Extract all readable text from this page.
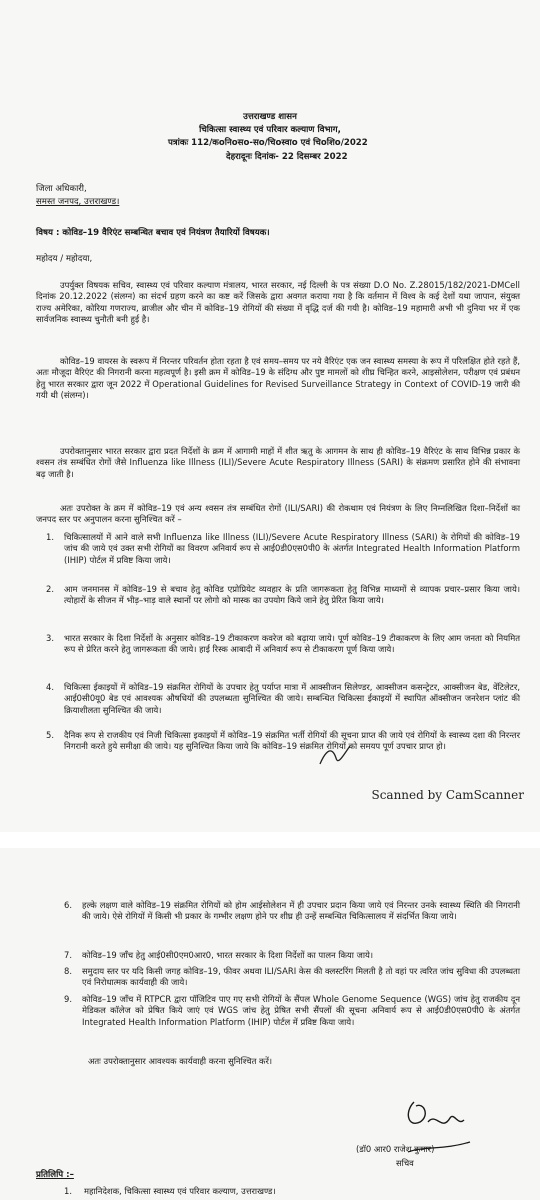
उत्तराखण्ड शासन
चिकित्सा स्वास्थ्य एवं परिवार कल्याण विभाग,
पत्रांकः 112/कoनिoसo-सo/चिoस्वाo एवं चिoशिo/2022
देहरादूनः दिनांक- 22 दिसम्बर 2022
जिला अधिकारी,
समस्त जनपद, उत्तराखण्ड।
विषय : कोविड–19 वैरिएंट सम्बन्धित बचाव एवं नियंत्रण तैयारियों विषयक।
महोदय / महोदया,
उपर्युक्त विषयक सचिव, स्वास्थ्य एवं परिवार कल्याण मंत्रालय, भारत सरकार, नई दिल्ली के पत्र संख्या D.O No. Z.28015/182/2021-DMCell दिनांक 20.12.2022 (संलग्न) का संदर्भ ग्रहण करने का कष्ट करें जिसके द्वारा अवगत कराया गया है कि वर्तमान में विश्व के कई देशों यथा जापान, संयुक्त राज्य अमेरिका, कोरिया गणराज्य, ब्राजील और चीन में कोविड–19 रोगियों की संख्या में वृद्धि दर्ज की गयी है। कोविड–19 महामारी अभी भी दुनिया भर में एक सार्वजनिक स्वास्थ्य चुनौती बनी हुई है।
कोविड–19 वायरस के स्वरूप में निरन्तर परिवर्तन होता रहता है एवं समय–समय पर नये वैरिएंट एक जन स्वास्थ्य समस्या के रूप में परिलक्षित होते रहते हैं, अतः मौजूदा वैरिएंट की निगरानी करना महत्वपूर्ण है। इसी क्रम में कोविड–19 के संदिग्ध और पुष्ट मामलों को शीघ्र चिन्हित करने, आइसोलेशन, परीक्षण एवं प्रबंधन हेतु भारत सरकार द्वारा जून 2022 में Operational Guidelines for Revised Surveillance Strategy in Context of COVID-19 जारी की गयी थी (संलग्न)।
उपरोक्तानुसार भारत सरकार द्वारा प्रदत निर्देशों के क्रम में आगामी माहों में शीत ऋतु के आगमन के साथ ही कोविड–19 वैरिएंट के साथ विभिन्न प्रकार के श्वसन तंत्र सम्बंधित रोगों जैसे Influenza like Illness (ILI)/Severe Acute Respiratory Illness (SARI) के संक्रमण प्रसारित होने की संभावना बढ़ जाती है।
अतः उपरोक्त के क्रम में कोविड–19 एवं अन्य श्वसन तंत्र सम्बंधित रोगों (ILI/SARI) की रोकथाम एवं नियंत्रण के लिए निम्नलिखित दिशा–निर्देशों का जनपद स्तर पर अनुपालन करना सुनिश्चित करें –
1. चिकित्सालयों में आने वाले सभी Influenza like Illness (ILI)/Severe Acute Respiratory Illness (SARI) के रोगियों की कोविड–19 जांच की जाये एवं उक्त सभी रोगियों का विवरण अनिवार्य रूप से आई0डी0एस0पी0 के अंतर्गत Integrated Health Information Platform (IHIP) पोर्टल में प्रविष्ट किया जाये।
2. आम जनमानस में कोविड–19 से बचाव हेतु कोविड एप्रोप्रियेट व्यवहार के प्रति जागरूकता हेतु विभिन्न माध्यमों से व्यापक प्रचार–प्रसार किया जाये। त्योहारों के सीजन में भीड़–भाड़ वाले स्थानों पर लोगो को मास्क का उपयोग किये जाने हेतु प्रेरित किया जाये।
3. भारत सरकार के दिशा निर्देशों के अनुसार कोविड–19 टीकाकरण कवरेज को बढ़ाया जाये। पूर्ण कोविड–19 टीकाकरण के लिए आम जनता को नियमित रूप से प्रेरित करने हेतु जागरूकता की जाये। हाई रिस्क आबादी में अनिवार्य रूप से टीकाकरण पूर्ण किया जाये।
4. चिकित्सा ईकाइयों में कोविड–19 संक्रमित रोगियों के उपचार हेतु पर्याप्त मात्रा में आक्सीजन सिलेण्डर, आक्सीजन कसन्ट्रेटर, आक्सीजन बेड, वेंटिलेटर, आई0सी0यू0 बेड एवं आवश्यक औषधियों की उपलब्धता सुनिश्चित की जाये। सम्बन्धित चिकित्सा ईकाइयों में स्थापित ऑक्सीजन जनरेशन प्लांट की क्रियाशीलता सुनिश्चित की जाये।
5. दैनिक रूप से राजकीय एवं निजी चिकित्सा इकाइयों में कोविड–19 संक्रमित भर्ती रोगियों की सूचना प्राप्त की जाये एवं रोगियों के स्वास्थ्य दशा की निरन्तर निगरानी करते हुये समीक्षा की जाये। यह सुनिश्चित किया जाये कि कोविड–19 संक्रमित रोगियों को समयप पूर्ण उपचार प्राप्त हो।
Scanned by CamScanner
6. हल्के लक्षण वाले कोविड–19 संक्रमित रोगियों को होम आईसोलेशन में ही उपचार प्रदान किया जाये एवं निरन्तर उनके स्वास्थ्य स्थिति की निगरानी की जाये। ऐसे रोगियों में किसी भी प्रकार के गम्भीर लक्षण होने पर शीघ्र ही उन्हें सम्बन्धित चिकित्सालय में संदर्भित किया जाये।
7. कोविड–19 जाँच हेतु आई0सी0एम0आर0, भारत सरकार के दिशा निर्देशों का पालन किया जाये।
8. समुदाय स्तर पर यदि किसी जगह कोविड–19, फीवर अथवा ILI/SARI केस की क्लस्टरिंग मिलती है तो वहां पर त्वरित जांच सुविधा की उपलब्धता एवं निरोधात्मक कार्यवाही की जाये।
9. कोविड–19 जाँच में RTPCR द्वारा पॉजिटिव पाए गए सभी रोगियों के सैंपल Whole Genome Sequence (WGS) जांच हेतु राजकीय दून मेडिकल कॉलेज को प्रेषित किये जाएं एवं WGS जांच हेतु प्रेषित सभी सैंपलों की सूचना अनिवार्य रूप से आई0डी0एस0पी0 के अंतर्गत Integrated Health Information Platform (IHIP) पोर्टल में प्रविष्ट किया जाये।
अतः उपरोक्तानुसार आवश्यक कार्यवाही करना सुनिश्चित करें।
(डॉ0 आर0 राजेश कुमार)
सचिव
प्रतिलिपि :–
1. महानिदेशक, चिकित्सा स्वास्थ्य एवं परिवार कल्याण, उत्तराखण्ड।
